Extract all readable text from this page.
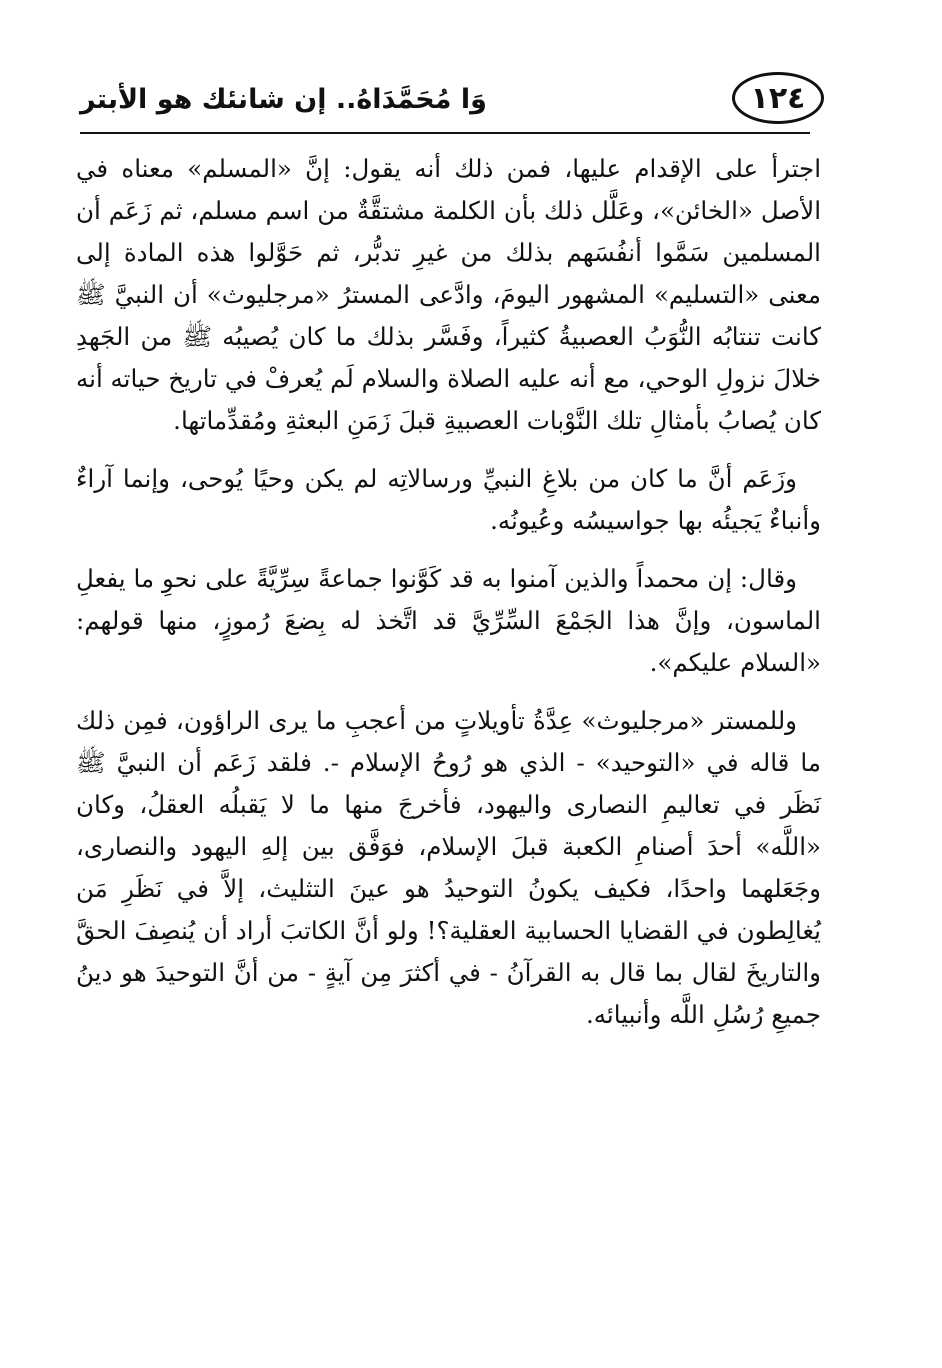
١٢٤
وَا مُحَمَّدَاهُ.. إن شانئك هو الأبتر

اجترأ على الإقدام عليها، فمن ذلك أنه يقول: إنَّ «المسلم» معناه في الأصل «الخائن»، وعَلَّل ذلك بأن الكلمة مشتقَّةٌ من اسم مسلم، ثم زَعَم أن المسلمين سَمَّوا أنفُسَهم بذلك من غيرِ تدبُّر، ثم حَوَّلوا هذه المادة إلى معنى «التسليم» المشهور اليومَ، وادَّعى المسترُ «مرجليوث» أن النبيَّ ﷺ كانت تنتابُه النُّوَبُ العصبيةُ كثيراً، وفَسَّر بذلك ما كان يُصيبُه ﷺ من الجَهدِ خلالَ نزولِ الوحي، مع أنه عليه الصلاة والسلام لَم يُعرفْ في تاريخ حياته أنه كان يُصابُ بأمثالِ تلك النَّوْبات العصبيةِ قبلَ زَمَنِ البعثةِ ومُقدِّماتها.

وزَعَم أنَّ ما كان من بلاغِ النبيِّ ورسالاتِه لم يكن وحيًا يُوحى، وإنما آراءٌ وأنباءٌ يَجيئُه بها جواسيسُه وعُيونُه.

وقال: إن محمداً والذين آمنوا به قد كَوَّنوا جماعةً سِرِّيَّةً على نحوِ ما يفعلِ الماسون، وإنَّ هذا الجَمْعَ السِّرِّيَّ قد اتَّخذ له بِضعَ رُموزٍ، منها قولهم: «السلام عليكم».

وللمستر «مرجليوث» عِدَّةُ تأويلاتٍ من أعجبِ ما يرى الراؤون، فمِن ذلك ما قاله في «التوحيد» - الذي هو رُوحُ الإسلام -. فلقد زَعَم أن النبيَّ ﷺ نَظَر في تعاليمِ النصارى واليهود، فأخرجَ منها ما لا يَقبلُه العقلُ، وكان «اللَّه» أحدَ أصنامِ الكعبة قبلَ الإسلام، فوَفَّق بين إلهِ اليهود والنصارى، وجَعَلهما واحدًا، فكيف يكونُ التوحيدُ هو عينَ التثليث، إلاَّ في نَظَرِ مَن يُغالِطون في القضايا الحسابية العقلية؟! ولو أنَّ الكاتبَ أراد أن يُنصِفَ الحقَّ والتاريخَ لقال بما قال به القرآنُ - في أكثرَ مِن آيةٍ - من أنَّ التوحيدَ هو دينُ جميعِ رُسُلِ اللَّه وأنبيائه.
